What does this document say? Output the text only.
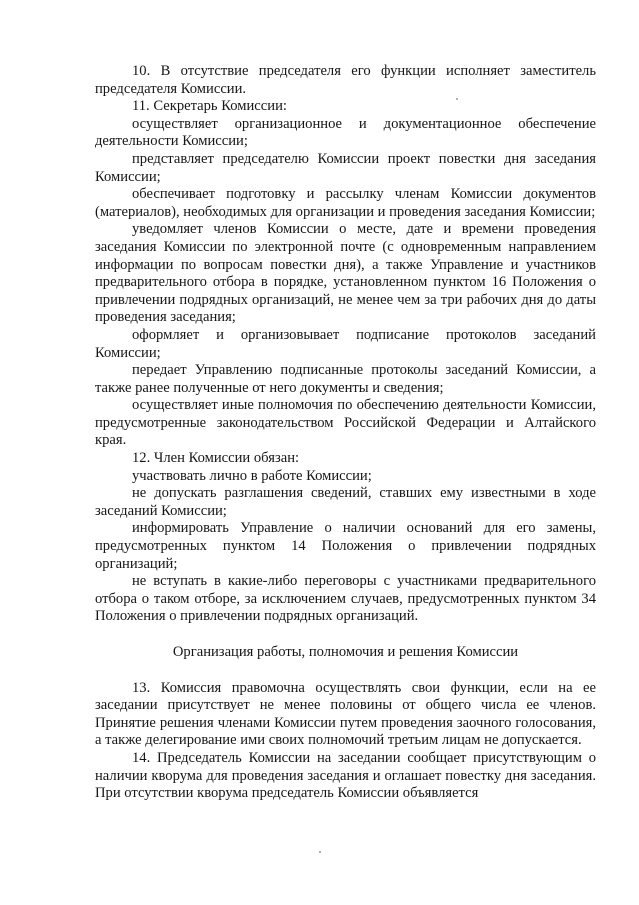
10. В отсутствие председателя его функции исполняет заместитель председателя Комиссии.

11. Секретарь Комиссии:

осуществляет организационное и документационное обеспечение деятельности Комиссии;

представляет председателю Комиссии проект повестки дня заседания Комиссии;

обеспечивает подготовку и рассылку членам Комиссии документов (материалов), необходимых для организации и проведения заседания Комиссии;

уведомляет членов Комиссии о месте, дате и времени проведения заседания Комиссии по электронной почте (с одновременным направлением информации по вопросам повестки дня), а также Управление и участников предварительного отбора в порядке, установленном пунктом 16 Положения о привлечении подрядных организаций, не менее чем за три рабочих дня до даты проведения заседания;

оформляет и организовывает подписание протоколов заседаний Комиссии;

передает Управлению подписанные протоколы заседаний Комиссии, а также ранее полученные от него документы и сведения;

осуществляет иные полномочия по обеспечению деятельности Комиссии, предусмотренные законодательством Российской Федерации и Алтайского края.

12. Член Комиссии обязан:

участвовать лично в работе Комиссии;

не допускать разглашения сведений, ставших ему известными в ходе заседаний Комиссии;

информировать Управление о наличии оснований для его замены, предусмотренных пунктом 14 Положения о привлечении подрядных организаций;

не вступать в какие-либо переговоры с участниками предварительного отбора о таком отборе, за исключением случаев, предусмотренных пунктом 34 Положения о привлечении подрядных организаций.

Организация работы, полномочия и решения Комиссии

13. Комиссия правомочна осуществлять свои функции, если на ее заседании присутствует не менее половины от общего числа ее членов. Принятие решения членами Комиссии путем проведения заочного голосования, а также делегирование ими своих полномочий третьим лицам не допускается.

14. Председатель Комиссии на заседании сообщает присутствующим о наличии кворума для проведения заседания и оглашает повестку дня заседания. При отсутствии кворума председатель Комиссии объявляется
